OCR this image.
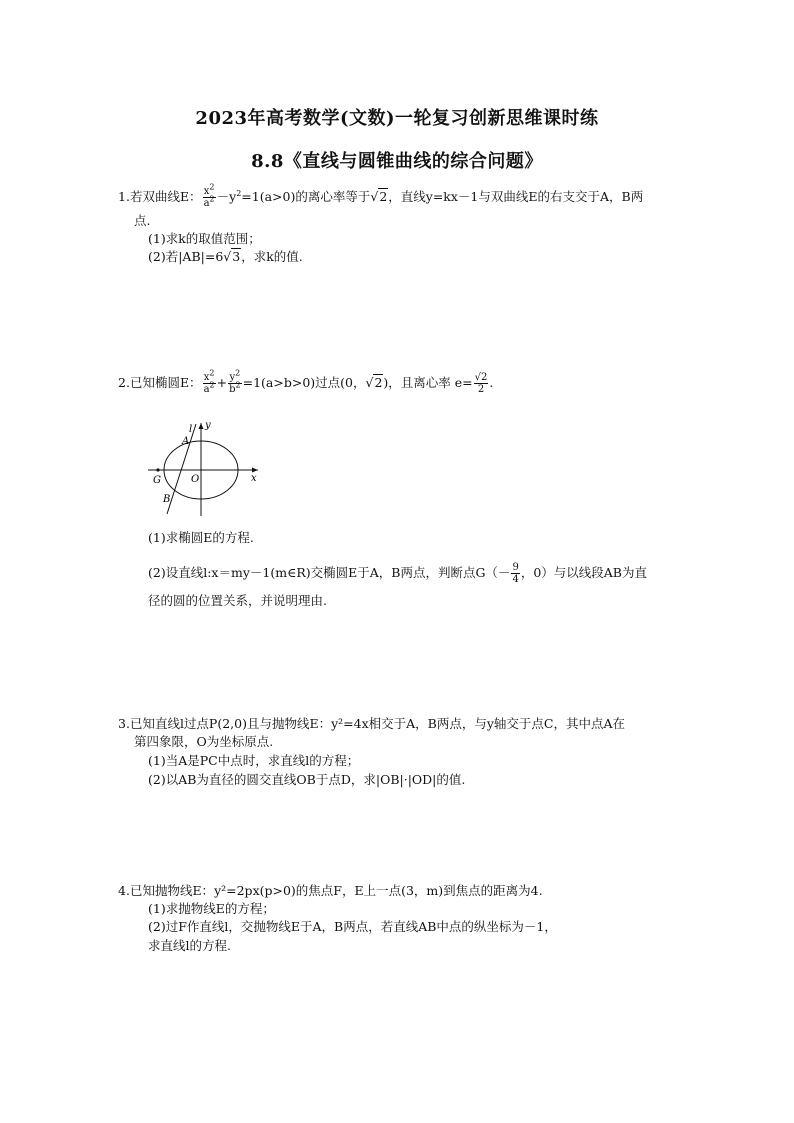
2023年高考数学(文数)一轮复习创新思维课时练
8.8《直线与圆锥曲线的综合问题》
1.若双曲线E： $\frac{x^2}{a^2} -y^2=1(a>0)$的离心率等于√2，直线y=kx－1与双曲线E的右支交于A，B两
点.
(1)求k的取值范围；
(2)若|AB|=6√3，求k的值.
2.已知椭圆E： $\frac{x^2}{a^2} + \frac{y^2}{b^2} =1(a>b>0)$过点(0，√2)，且离心率 $e= \frac{√2}{2}$ .
y
x
l
A
B
G	O
(1)求椭圆E的方程.
(2)设直线l:x＝my－1(m∈R)交椭圆E于A，B两点，判断点$G(- \frac{9}{4}$ ，0）与以线段AB为直
径的圆的位置关系，并说明理由.
3.已知直线l过点P(2,0)且与抛物线E：y²=4x相交于A，B两点，与y轴交于点C，其中点A在
第四象限，O为坐标原点.
(1)当A是PC中点时，求直线l的方程；
(2)以AB为直径的圆交直线OB于点D，求|OB|·|OD|的值.
4.已知抛物线E：y²=2px(p>0)的焦点F，E上一点(3，m)到焦点的距离为4.
(1)求抛物线E的方程；
(2)过F作直线l，交抛物线E于A，B两点，若直线AB中点的纵坐标为－1，
求直线l的方程.
